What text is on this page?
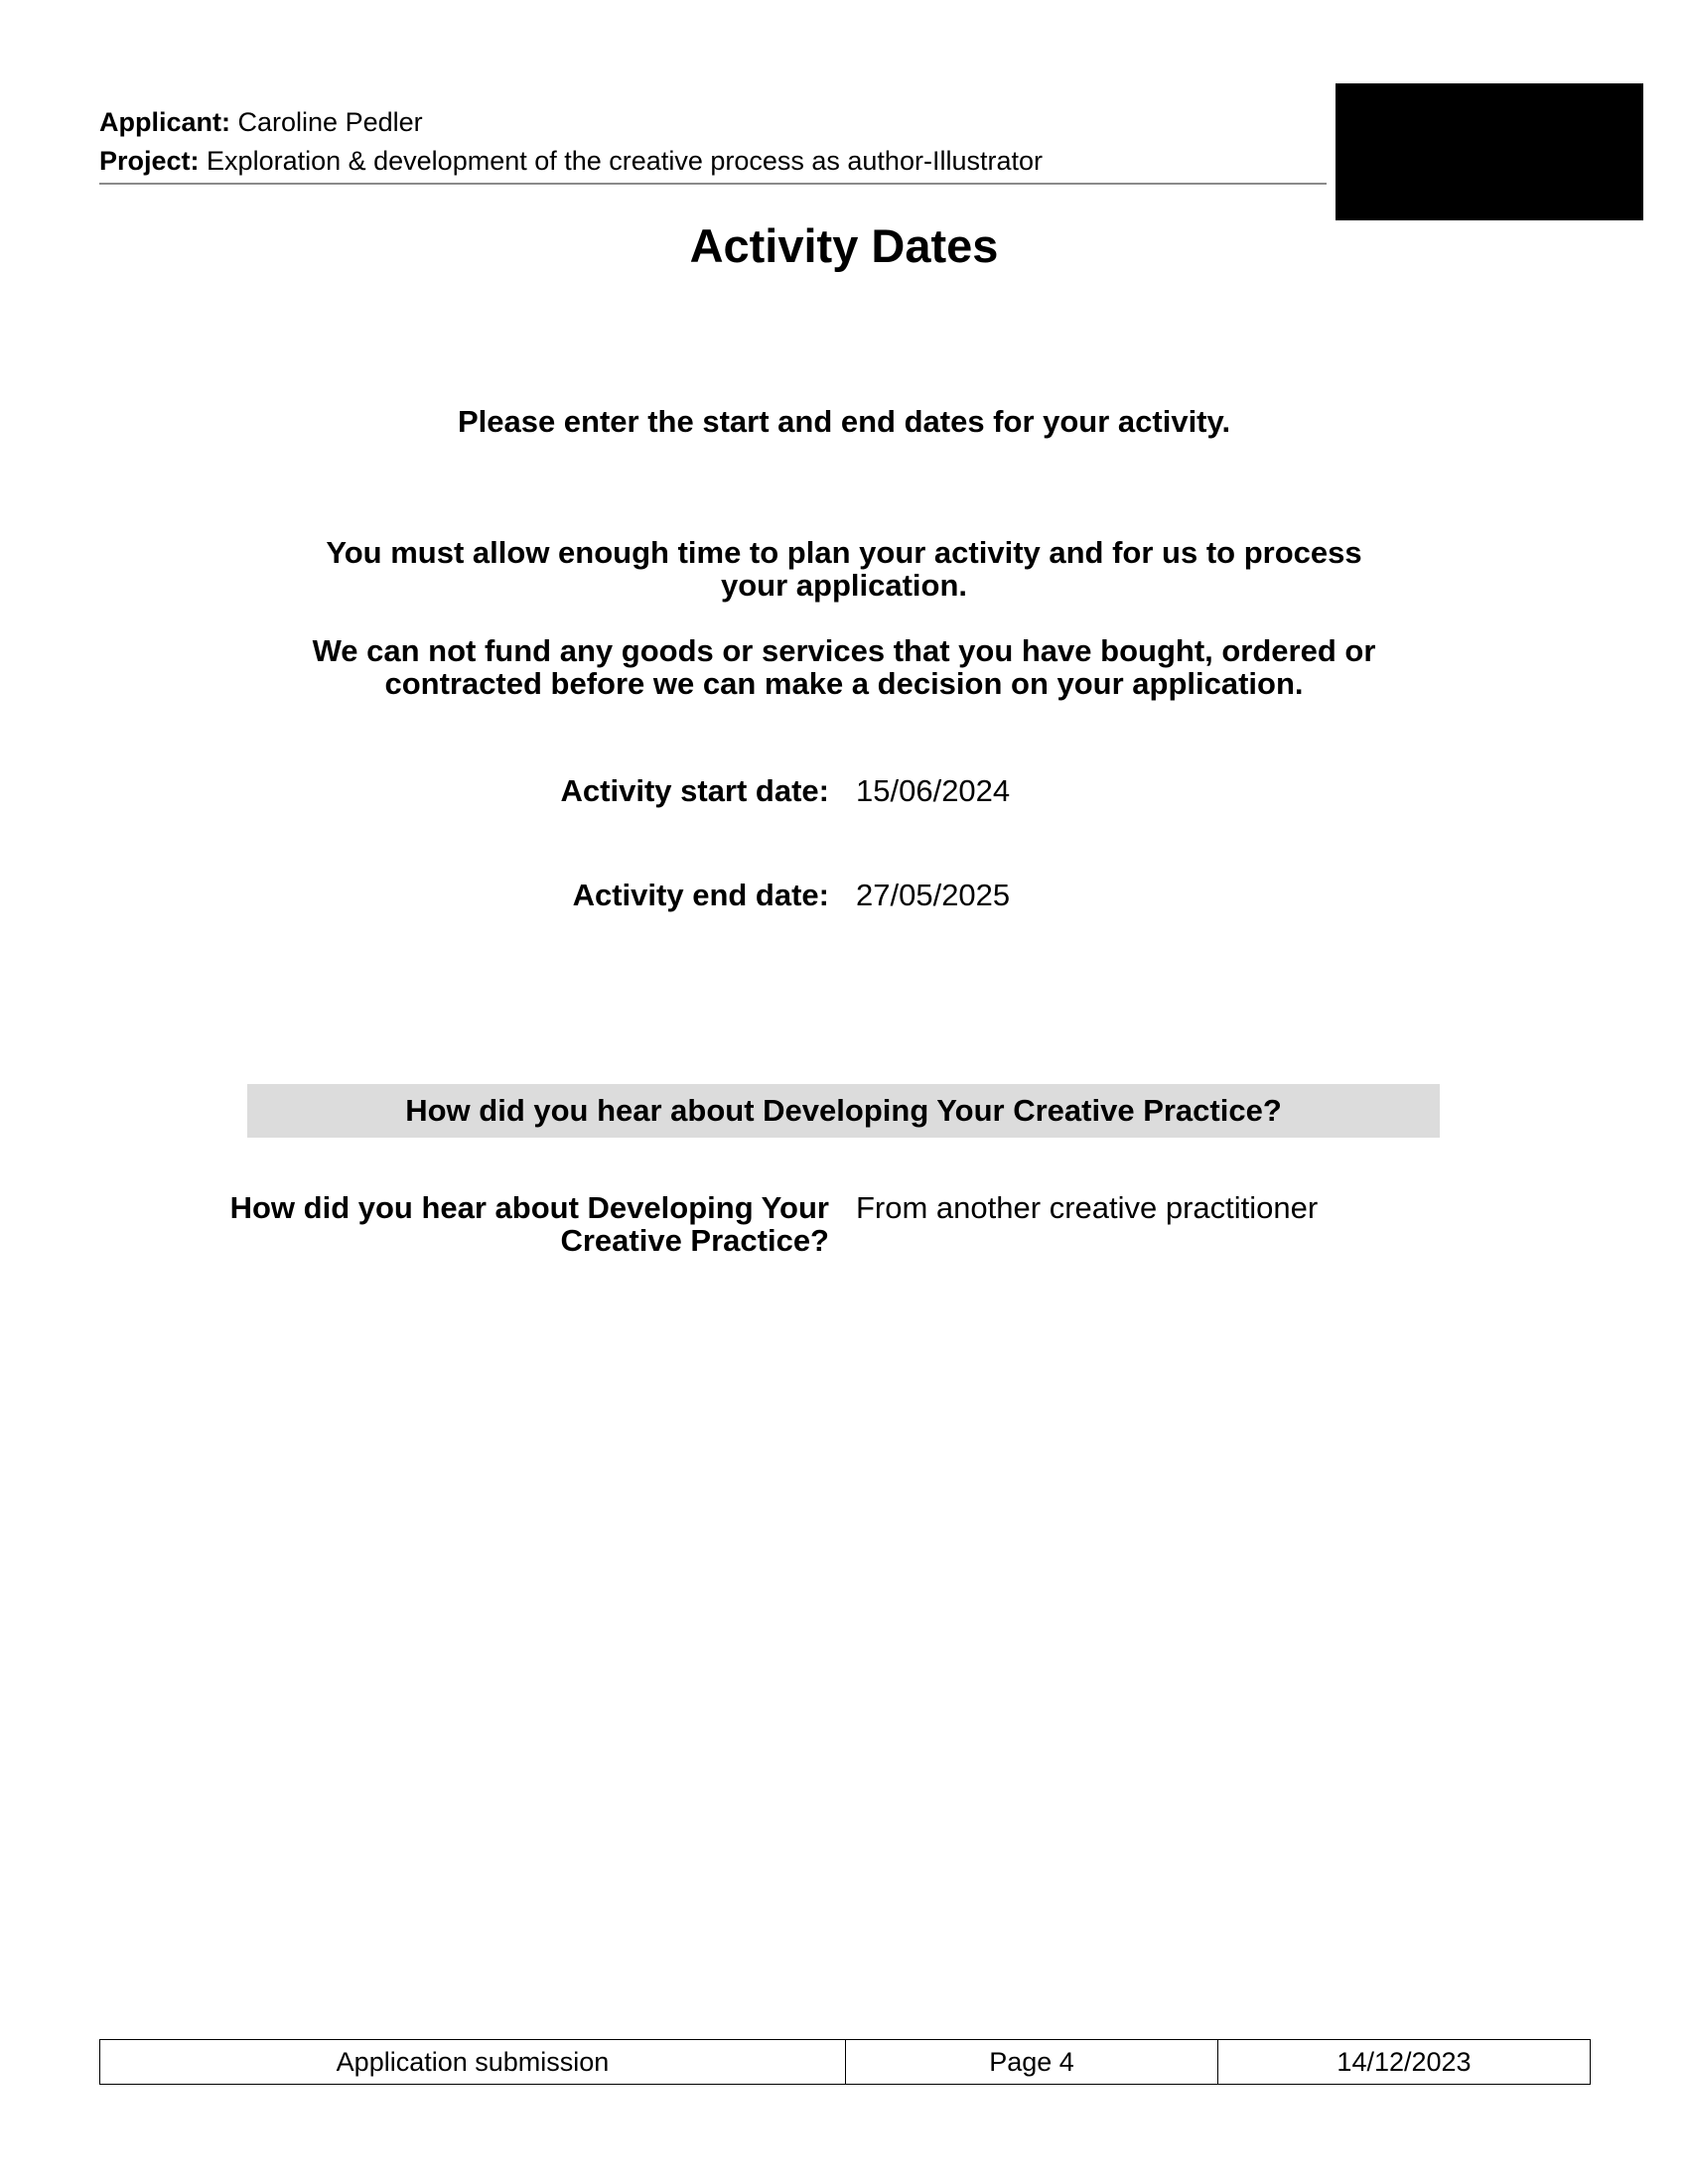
Applicant: Caroline Pedler
Project: Exploration & development of the creative process as author-Illustrator
Activity Dates
Please enter the start and end dates for your activity.
You must allow enough time to plan your activity and for us to process
your application.
We can not fund any goods or services that you have bought, ordered or
contracted before we can make a decision on your application.
Activity start date: 15/06/2024
Activity end date: 27/05/2025
How did you hear about Developing Your Creative Practice?
How did you hear about Developing Your
Creative Practice?
From another creative practitioner
Application submission	Page 4	14/12/2023
